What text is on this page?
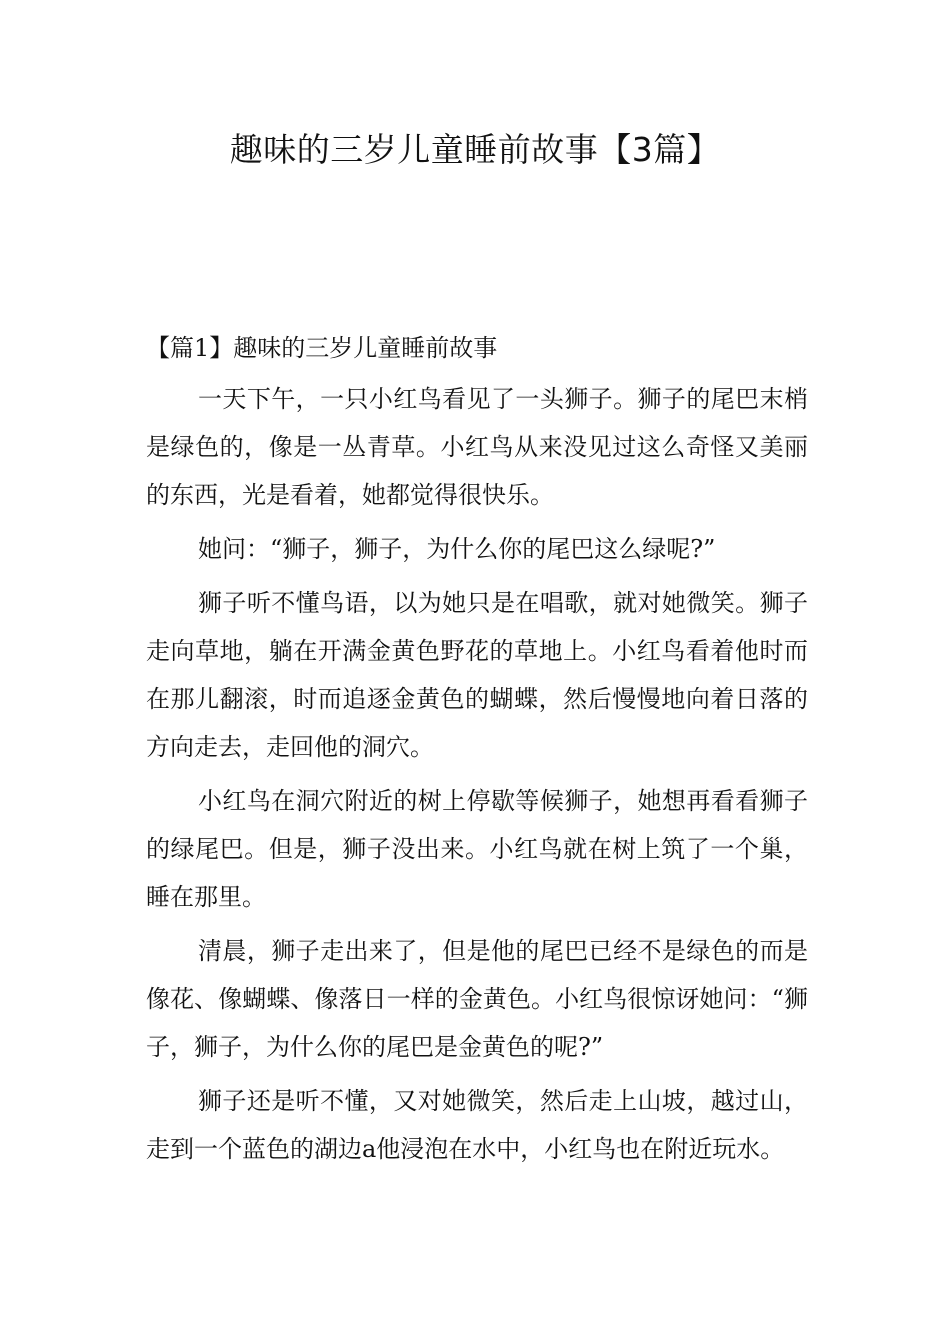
趣味的三岁儿童睡前故事【3篇】
【篇1】趣味的三岁儿童睡前故事

一天下午，一只小红鸟看见了一头狮子。狮子的尾巴末梢是绿色的，像是一丛青草。小红鸟从来没见过这么奇怪又美丽的东西，光是看着，她都觉得很快乐。

她问：“狮子，狮子，为什么你的尾巴这么绿呢?”

狮子听不懂鸟语，以为她只是在唱歌，就对她微笑。狮子走向草地，躺在开满金黄色野花的草地上。小红鸟看着他时而在那儿翻滚，时而追逐金黄色的蝴蝶，然后慢慢地向着日落的方向走去，走回他的洞穴。

小红鸟在洞穴附近的树上停歇等候狮子，她想再看看狮子的绿尾巴。但是，狮子没出来。小红鸟就在树上筑了一个巢，睡在那里。

清晨，狮子走出来了，但是他的尾巴已经不是绿色的而是像花、像蝴蝶、像落日一样的金黄色。小红鸟很惊讶她问：“狮子，狮子，为什么你的尾巴是金黄色的呢?”

狮子还是听不懂，又对她微笑，然后走上山坡，越过山，走到一个蓝色的湖边a他浸泡在水中，小红鸟也在附近玩水。
